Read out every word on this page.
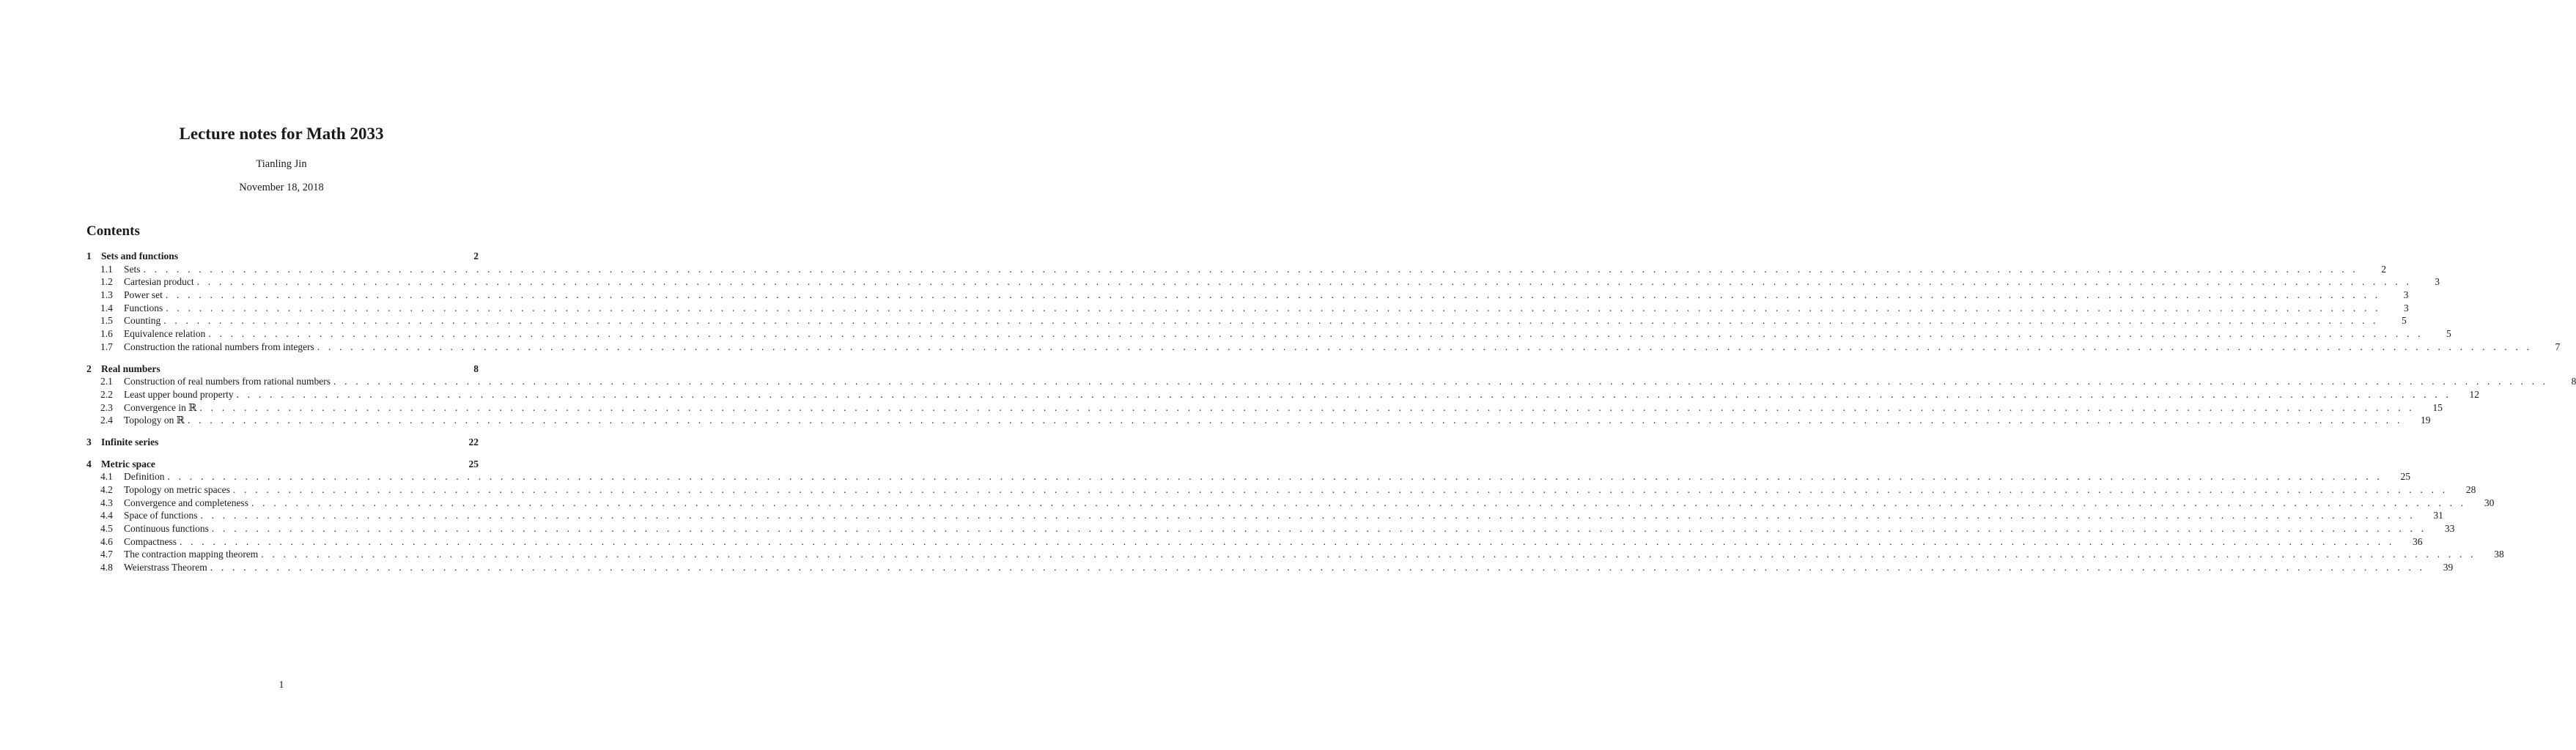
Lecture notes for Math 2033
Tianling Jin
November 18, 2018
Contents
1 Sets and functions	2
1.1	Sets . . . . . . . . . . . . . . . . . . . . . . . . . . . . . . . . . . . . . . . . . . . . . . . . . . . . . . . . . . . . . . . . . . . . . . . . . . . . . . . . . . . . . . . . . . . . . . . . . . . . . . . . . . . . . . . . . . . . . . . . . . . . . . . . . . . . . . . . . . . . . . . . . . . . . . . . . . . . . . . . . . . . . . . . . . . . . . . . . . . . . . . . . . . . . . . . . . . . . . . .	2
1.2	Cartesian product . . . . . . . . . . . . . . . . . . . . . . . . . . . . . . . . . . . . . . . . . . . . . . . . . . . . . . . . . . . . . . . . . . . . . . . . . . . . . . . . . . . . . . . . . . . . . . . . . . . . . . . . . . . . . . . . . . . . . . . . . . . . . . . . . . . . . . . . . . . . . . . . . . . . . . . . . . . . . . . . . . . . . . . . . . . . . . . . . . . . . . . . . . . . . . . . . . . . . . . .	3
1.3	Power set . . . . . . . . . . . . . . . . . . . . . . . . . . . . . . . . . . . . . . . . . . . . . . . . . . . . . . . . . . . . . . . . . . . . . . . . . . . . . . . . . . . . . . . . . . . . . . . . . . . . . . . . . . . . . . . . . . . . . . . . . . . . . . . . . . . . . . . . . . . . . . . . . . . . . . . . . . . . . . . . . . . . . . . . . . . . . . . . . . . . . . . . . . . . . . . . . . . . . . . .	3
1.4	Functions . . . . . . . . . . . . . . . . . . . . . . . . . . . . . . . . . . . . . . . . . . . . . . . . . . . . . . . . . . . . . . . . . . . . . . . . . . . . . . . . . . . . . . . . . . . . . . . . . . . . . . . . . . . . . . . . . . . . . . . . . . . . . . . . . . . . . . . . . . . . . . . . . . . . . . . . . . . . . . . . . . . . . . . . . . . . . . . . . . . . . . . . . . . . . . . . . . . . . . . .	3
1.5	Counting . . . . . . . . . . . . . . . . . . . . . . . . . . . . . . . . . . . . . . . . . . . . . . . . . . . . . . . . . . . . . . . . . . . . . . . . . . . . . . . . . . . . . . . . . . . . . . . . . . . . . . . . . . . . . . . . . . . . . . . . . . . . . . . . . . . . . . . . . . . . . . . . . . . . . . . . . . . . . . . . . . . . . . . . . . . . . . . . . . . . . . . . . . . . . . . . . . . . . . . .	5
1.6	Equivalence relation . . . . . . . . . . . . . . . . . . . . . . . . . . . . . . . . . . . . . . . . . . . . . . . . . . . . . . . . . . . . . . . . . . . . . . . . . . . . . . . . . . . . . . . . . . . . . . . . . . . . . . . . . . . . . . . . . . . . . . . . . . . . . . . . . . . . . . . . . . . . . . . . . . . . . . . . . . . . . . . . . . . . . . . . . . . . . . . . . . . . . . . . . . . . . . . . . . . . . . . .	5
1.7	Construction the rational numbers from integers . . . . . . . . . . . . . . . . . . . . . . . . . . . . . . . . . . . . . . . . . . . . . . . . . . . . . . . . . . . . . . . . . . . . . . . . . . . . . . . . . . . . . . . . . . . . . . . . . . . . . . . . . . . . . . . . . . . . . . . . . . . . . . . . . . . . . . . . . . . . . . . . . . . . . . . . . . . . . . . . . . . . . . . . . . . . . . . . . . . . . . . . . . . . . . . . . . . . . . . .	7
2 Real numbers	8
2.1	Construction of real numbers from rational numbers . . . . . . . . . . . . . . . . . . . . . . . . . . . . . . . . . . . . . . . . . . . . . . . . . . . . . . . . . . . . . . . . . . . . . . . . . . . . . . . . . . . . . . . . . . . . . . . . . . . . . . . . . . . . . . . . . . . . . . . . . . . . . . . . . . . . . . . . . . . . . . . . . . . . . . . . . . . . . . . . . . . . . . . . . . . . . . . . . . . . . . . . . . . . . . . . . . . . . . . .	8
2.2	Least upper bound property . . . . . . . . . . . . . . . . . . . . . . . . . . . . . . . . . . . . . . . . . . . . . . . . . . . . . . . . . . . . . . . . . . . . . . . . . . . . . . . . . . . . . . . . . . . . . . . . . . . . . . . . . . . . . . . . . . . . . . . . . . . . . . . . . . . . . . . . . . . . . . . . . . . . . . . . . . . . . . . . . . . . . . . . . . . . . . . . . . . . . . . . . . . . . . . . . . . . . . . .	12
2.3	Convergence in ℝ . . . . . . . . . . . . . . . . . . . . . . . . . . . . . . . . . . . . . . . . . . . . . . . . . . . . . . . . . . . . . . . . . . . . . . . . . . . . . . . . . . . . . . . . . . . . . . . . . . . . . . . . . . . . . . . . . . . . . . . . . . . . . . . . . . . . . . . . . . . . . . . . . . . . . . . . . . . . . . . . . . . . . . . . . . . . . . . . . . . . . . . . . . . . . . . . . . . . . . . .	15
2.4	Topology on ℝ . . . . . . . . . . . . . . . . . . . . . . . . . . . . . . . . . . . . . . . . . . . . . . . . . . . . . . . . . . . . . . . . . . . . . . . . . . . . . . . . . . . . . . . . . . . . . . . . . . . . . . . . . . . . . . . . . . . . . . . . . . . . . . . . . . . . . . . . . . . . . . . . . . . . . . . . . . . . . . . . . . . . . . . . . . . . . . . . . . . . . . . . . . . . . . . . . . . . . . . .	19
3 Infinite series	22
4 Metric space	25
4.1	Definition . . . . . . . . . . . . . . . . . . . . . . . . . . . . . . . . . . . . . . . . . . . . . . . . . . . . . . . . . . . . . . . . . . . . . . . . . . . . . . . . . . . . . . . . . . . . . . . . . . . . . . . . . . . . . . . . . . . . . . . . . . . . . . . . . . . . . . . . . . . . . . . . . . . . . . . . . . . . . . . . . . . . . . . . . . . . . . . . . . . . . . . . . . . . . . . . . . . . . . . .	25
4.2	Topology on metric spaces . . . . . . . . . . . . . . . . . . . . . . . . . . . . . . . . . . . . . . . . . . . . . . . . . . . . . . . . . . . . . . . . . . . . . . . . . . . . . . . . . . . . . . . . . . . . . . . . . . . . . . . . . . . . . . . . . . . . . . . . . . . . . . . . . . . . . . . . . . . . . . . . . . . . . . . . . . . . . . . . . . . . . . . . . . . . . . . . . . . . . . . . . . . . . . . . . . . . . . . .	28
4.3	Convergence and completeness . . . . . . . . . . . . . . . . . . . . . . . . . . . . . . . . . . . . . . . . . . . . . . . . . . . . . . . . . . . . . . . . . . . . . . . . . . . . . . . . . . . . . . . . . . . . . . . . . . . . . . . . . . . . . . . . . . . . . . . . . . . . . . . . . . . . . . . . . . . . . . . . . . . . . . . . . . . . . . . . . . . . . . . . . . . . . . . . . . . . . . . . . . . . . . . . . . . . . . . .	30
4.4	Space of functions . . . . . . . . . . . . . . . . . . . . . . . . . . . . . . . . . . . . . . . . . . . . . . . . . . . . . . . . . . . . . . . . . . . . . . . . . . . . . . . . . . . . . . . . . . . . . . . . . . . . . . . . . . . . . . . . . . . . . . . . . . . . . . . . . . . . . . . . . . . . . . . . . . . . . . . . . . . . . . . . . . . . . . . . . . . . . . . . . . . . . . . . . . . . . . . . . . . . . . . .	31
4.5	Continuous functions . . . . . . . . . . . . . . . . . . . . . . . . . . . . . . . . . . . . . . . . . . . . . . . . . . . . . . . . . . . . . . . . . . . . . . . . . . . . . . . . . . . . . . . . . . . . . . . . . . . . . . . . . . . . . . . . . . . . . . . . . . . . . . . . . . . . . . . . . . . . . . . . . . . . . . . . . . . . . . . . . . . . . . . . . . . . . . . . . . . . . . . . . . . . . . . . . . . . . . . .	33
4.6	Compactness . . . . . . . . . . . . . . . . . . . . . . . . . . . . . . . . . . . . . . . . . . . . . . . . . . . . . . . . . . . . . . . . . . . . . . . . . . . . . . . . . . . . . . . . . . . . . . . . . . . . . . . . . . . . . . . . . . . . . . . . . . . . . . . . . . . . . . . . . . . . . . . . . . . . . . . . . . . . . . . . . . . . . . . . . . . . . . . . . . . . . . . . . . . . . . . . . . . . . . . .	36
4.7	The contraction mapping theorem . . . . . . . . . . . . . . . . . . . . . . . . . . . . . . . . . . . . . . . . . . . . . . . . . . . . . . . . . . . . . . . . . . . . . . . . . . . . . . . . . . . . . . . . . . . . . . . . . . . . . . . . . . . . . . . . . . . . . . . . . . . . . . . . . . . . . . . . . . . . . . . . . . . . . . . . . . . . . . . . . . . . . . . . . . . . . . . . . . . . . . . . . . . . . . . . . . . . . . . .	38
4.8	Weierstrass Theorem . . . . . . . . . . . . . . . . . . . . . . . . . . . . . . . . . . . . . . . . . . . . . . . . . . . . . . . . . . . . . . . . . . . . . . . . . . . . . . . . . . . . . . . . . . . . . . . . . . . . . . . . . . . . . . . . . . . . . . . . . . . . . . . . . . . . . . . . . . . . . . . . . . . . . . . . . . . . . . . . . . . . . . . . . . . . . . . . . . . . . . . . . . . . . . . . . . . . . . . .	39
1
